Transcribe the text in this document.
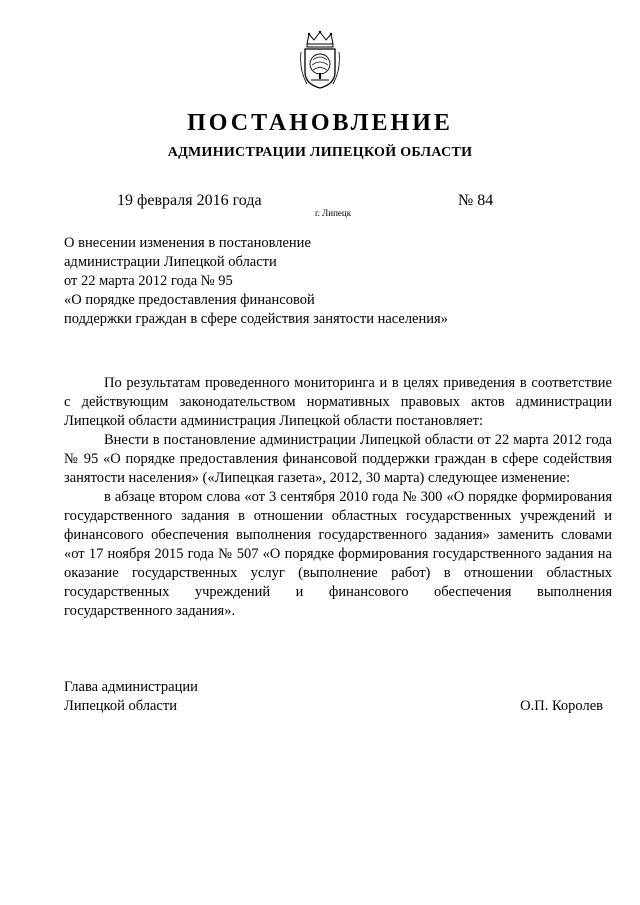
ПОСТАНОВЛЕНИЕ
АДМИНИСТРАЦИИ ЛИПЕЦКОЙ ОБЛАСТИ
19 февраля 2016 года
г. Липецк
№ 84
О внесении изменения в постановление
администрации Липецкой области
от 22 марта 2012 года № 95
«О порядке предоставления финансовой
поддержки граждан в сфере содействия занятости населения»

По результатам проведенного мониторинга и в целях приведения в соответствие с действующим законодательством нормативных правовых актов администрации Липецкой области администрация Липецкой области постановляет:

Внести в постановление администрации Липецкой области от 22 марта 2012 года № 95 «О порядке предоставления финансовой поддержки граждан в сфере содействия занятости населения» («Липецкая газета», 2012, 30 марта) следующее изменение:

в абзаце втором слова «от 3 сентября 2010 года № 300 «О порядке формирования государственного задания в отношении областных государственных учреждений и финансового обеспечения выполнения государственного задания» заменить словами «от 17 ноября 2015 года № 507 «О порядке формирования государственного задания на оказание государственных услуг (выполнение работ) в отношении областных государственных учреждений и финансового обеспечения выполнения государственного задания».

Глава администрации
Липецкой области	О.П. Королев
